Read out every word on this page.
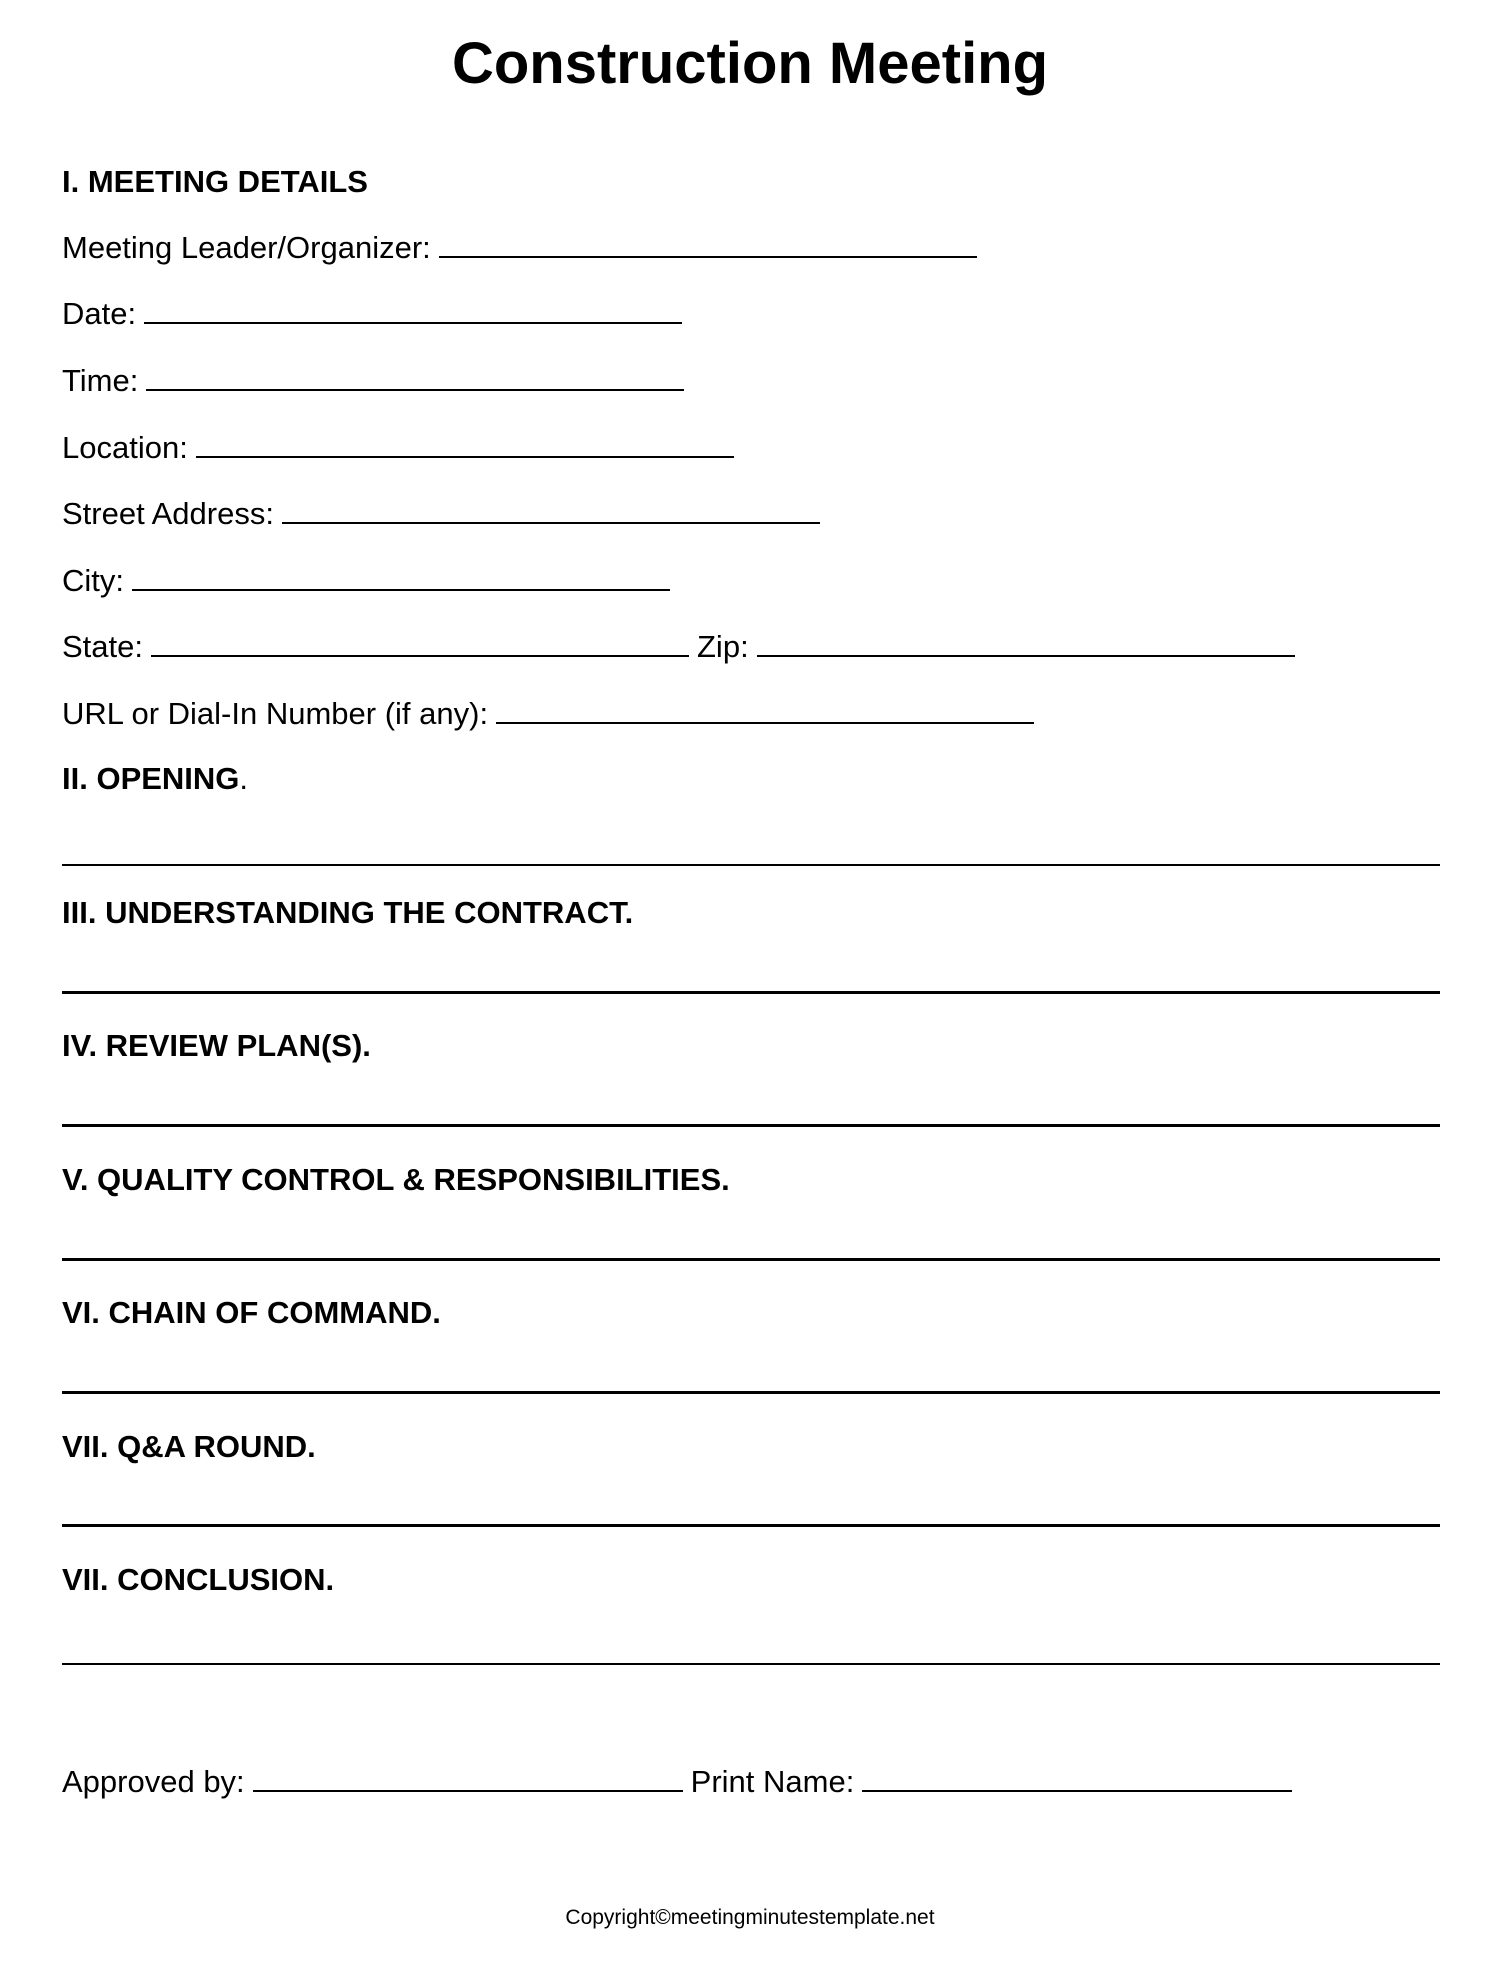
Construction Meeting
I. MEETING DETAILS
Meeting Leader/Organizer:
Date:
Time:
Location:
Street Address:
City:
State:	Zip:
URL or Dial-In Number (if any):
II. OPENING.
III. UNDERSTANDING THE CONTRACT.
IV. REVIEW PLAN(S).
V. QUALITY CONTROL & RESPONSIBILITIES.
VI. CHAIN OF COMMAND.
VII. Q&A ROUND.
VII. CONCLUSION.
Approved by:	Print Name:
Copyright©meetingminutestemplate.net
